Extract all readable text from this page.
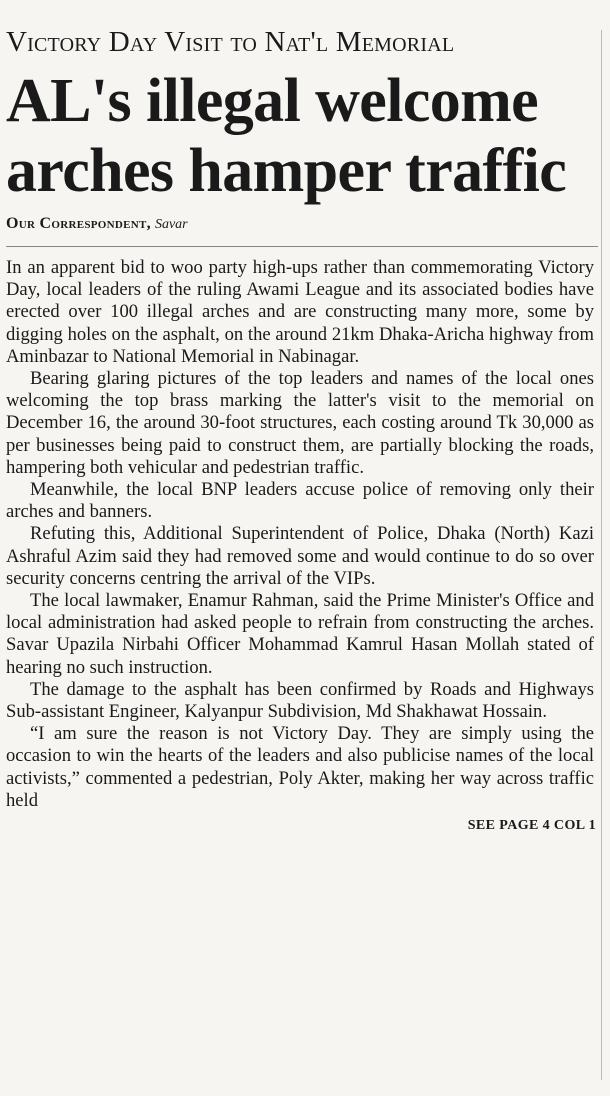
Victory Day Visit to Nat'l Memorial
AL's illegal welcome arches hamper traffic
Our Correspondent, Savar

In an apparent bid to woo party high-ups rather than commemorating Victory Day, local leaders of the ruling Awami League and its associated bodies have erected over 100 illegal arches and are constructing many more, some by digging holes on the asphalt, on the around 21km Dhaka-Aricha highway from Aminbazar to National Memorial in Nabinagar.

Bearing glaring pictures of the top leaders and names of the local ones welcoming the top brass marking the latter's visit to the memorial on December 16, the around 30-foot structures, each costing around Tk 30,000 as per businesses being paid to construct them, are partially blocking the roads, hampering both vehicular and pedestrian traffic.

Meanwhile, the local BNP leaders accuse police of removing only their arches and banners.

Refuting this, Additional Superintendent of Police, Dhaka (North) Kazi Ashraful Azim said they had removed some and would continue to do so over security concerns centring the arrival of the VIPs.

The local lawmaker, Enamur Rahman, said the Prime Minister's Office and local administration had asked people to refrain from constructing the arches. Savar Upazila Nirbahi Officer Mohammad Kamrul Hasan Mollah stated of hearing no such instruction.

The damage to the asphalt has been confirmed by Roads and Highways Sub-assistant Engineer, Kalyanpur Subdivision, Md Shakhawat Hossain.

“I am sure the reason is not Victory Day. They are simply using the occasion to win the hearts of the leaders and also publicise names of the local activists,” commented a pedestrian, Poly Akter, making her way across traffic held

SEE PAGE 4 COL 1
